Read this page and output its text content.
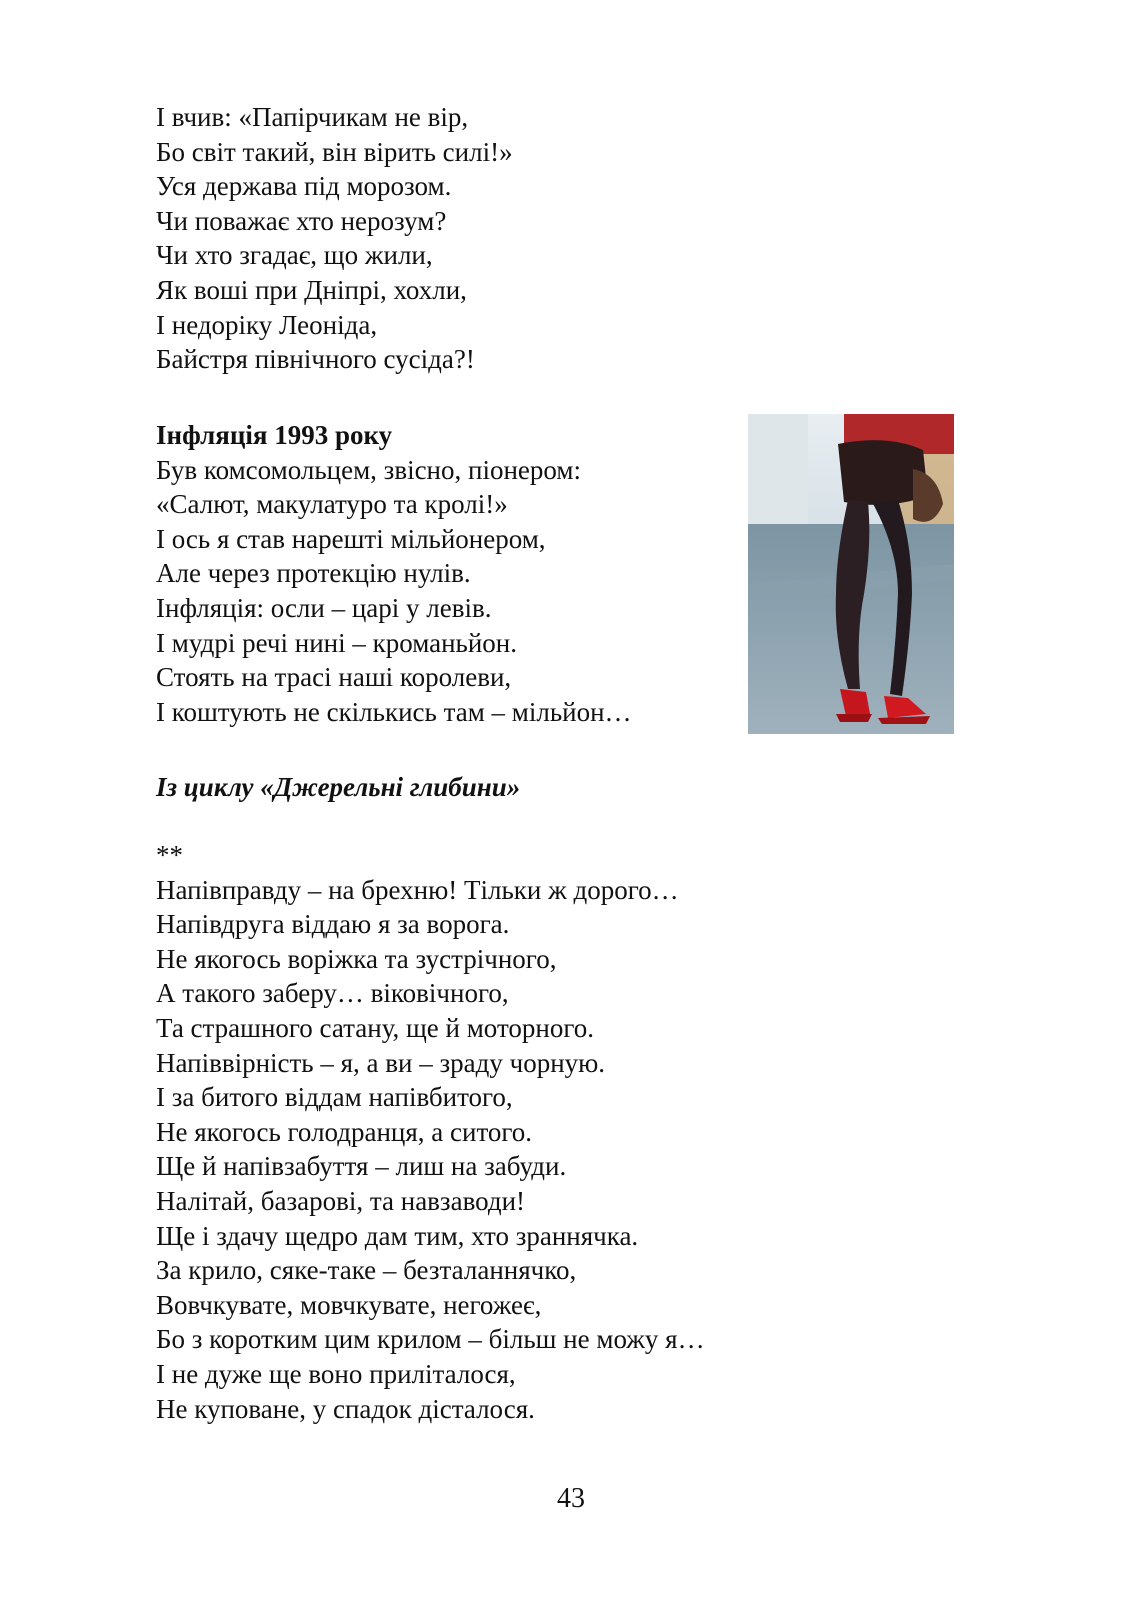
І вчив: «Папірчикам не вір,
Бо світ такий, він вірить силі!»
Уся держава під морозом.
Чи поважає хто нерозум?
Чи хто згадає, що жили,
Як воші при Дніпрі, хохли,
І недоріку Леоніда,
Байстря північного сусіда?!
Інфляція 1993 року
Був комсомольцем, звісно, піонером:
«Салют, макулатуро та кролі!»
І ось я став нарешті мільйонером,
Але через протекцію нулів.
Інфляція: осли – царі у левів.
І мудрі речі нині – кроманьйон.
Стоять на трасі наші королеви,
І коштують не скількись там – мільйон…
Із циклу «Джерельні глибини»
**
Напівправду – на брехню! Тільки ж дорого…
Напівдруга віддаю я за ворога.
Не якогось воріжка та зустрічного,
А такого заберу… віковічного,
Та страшного сатану, ще й моторного.
Напіввірність – я, а ви – зраду чорную.
І за битого віддам напівбитого,
Не якогось голодранця, а ситого.
Ще й напівзабуття – лиш на забуди.
Налітай, базарові, та навзаводи!
Ще і здачу щедро дам тим, хто зраннячка.
За крило, сяке-таке – безталаннячко,
Вовчкувате, мовчкувате, негожеє,
Бо з коротким цим крилом – більш не можу я…
І не дуже ще воно приліталося,
Не куповане, у спадок дісталося.
43
